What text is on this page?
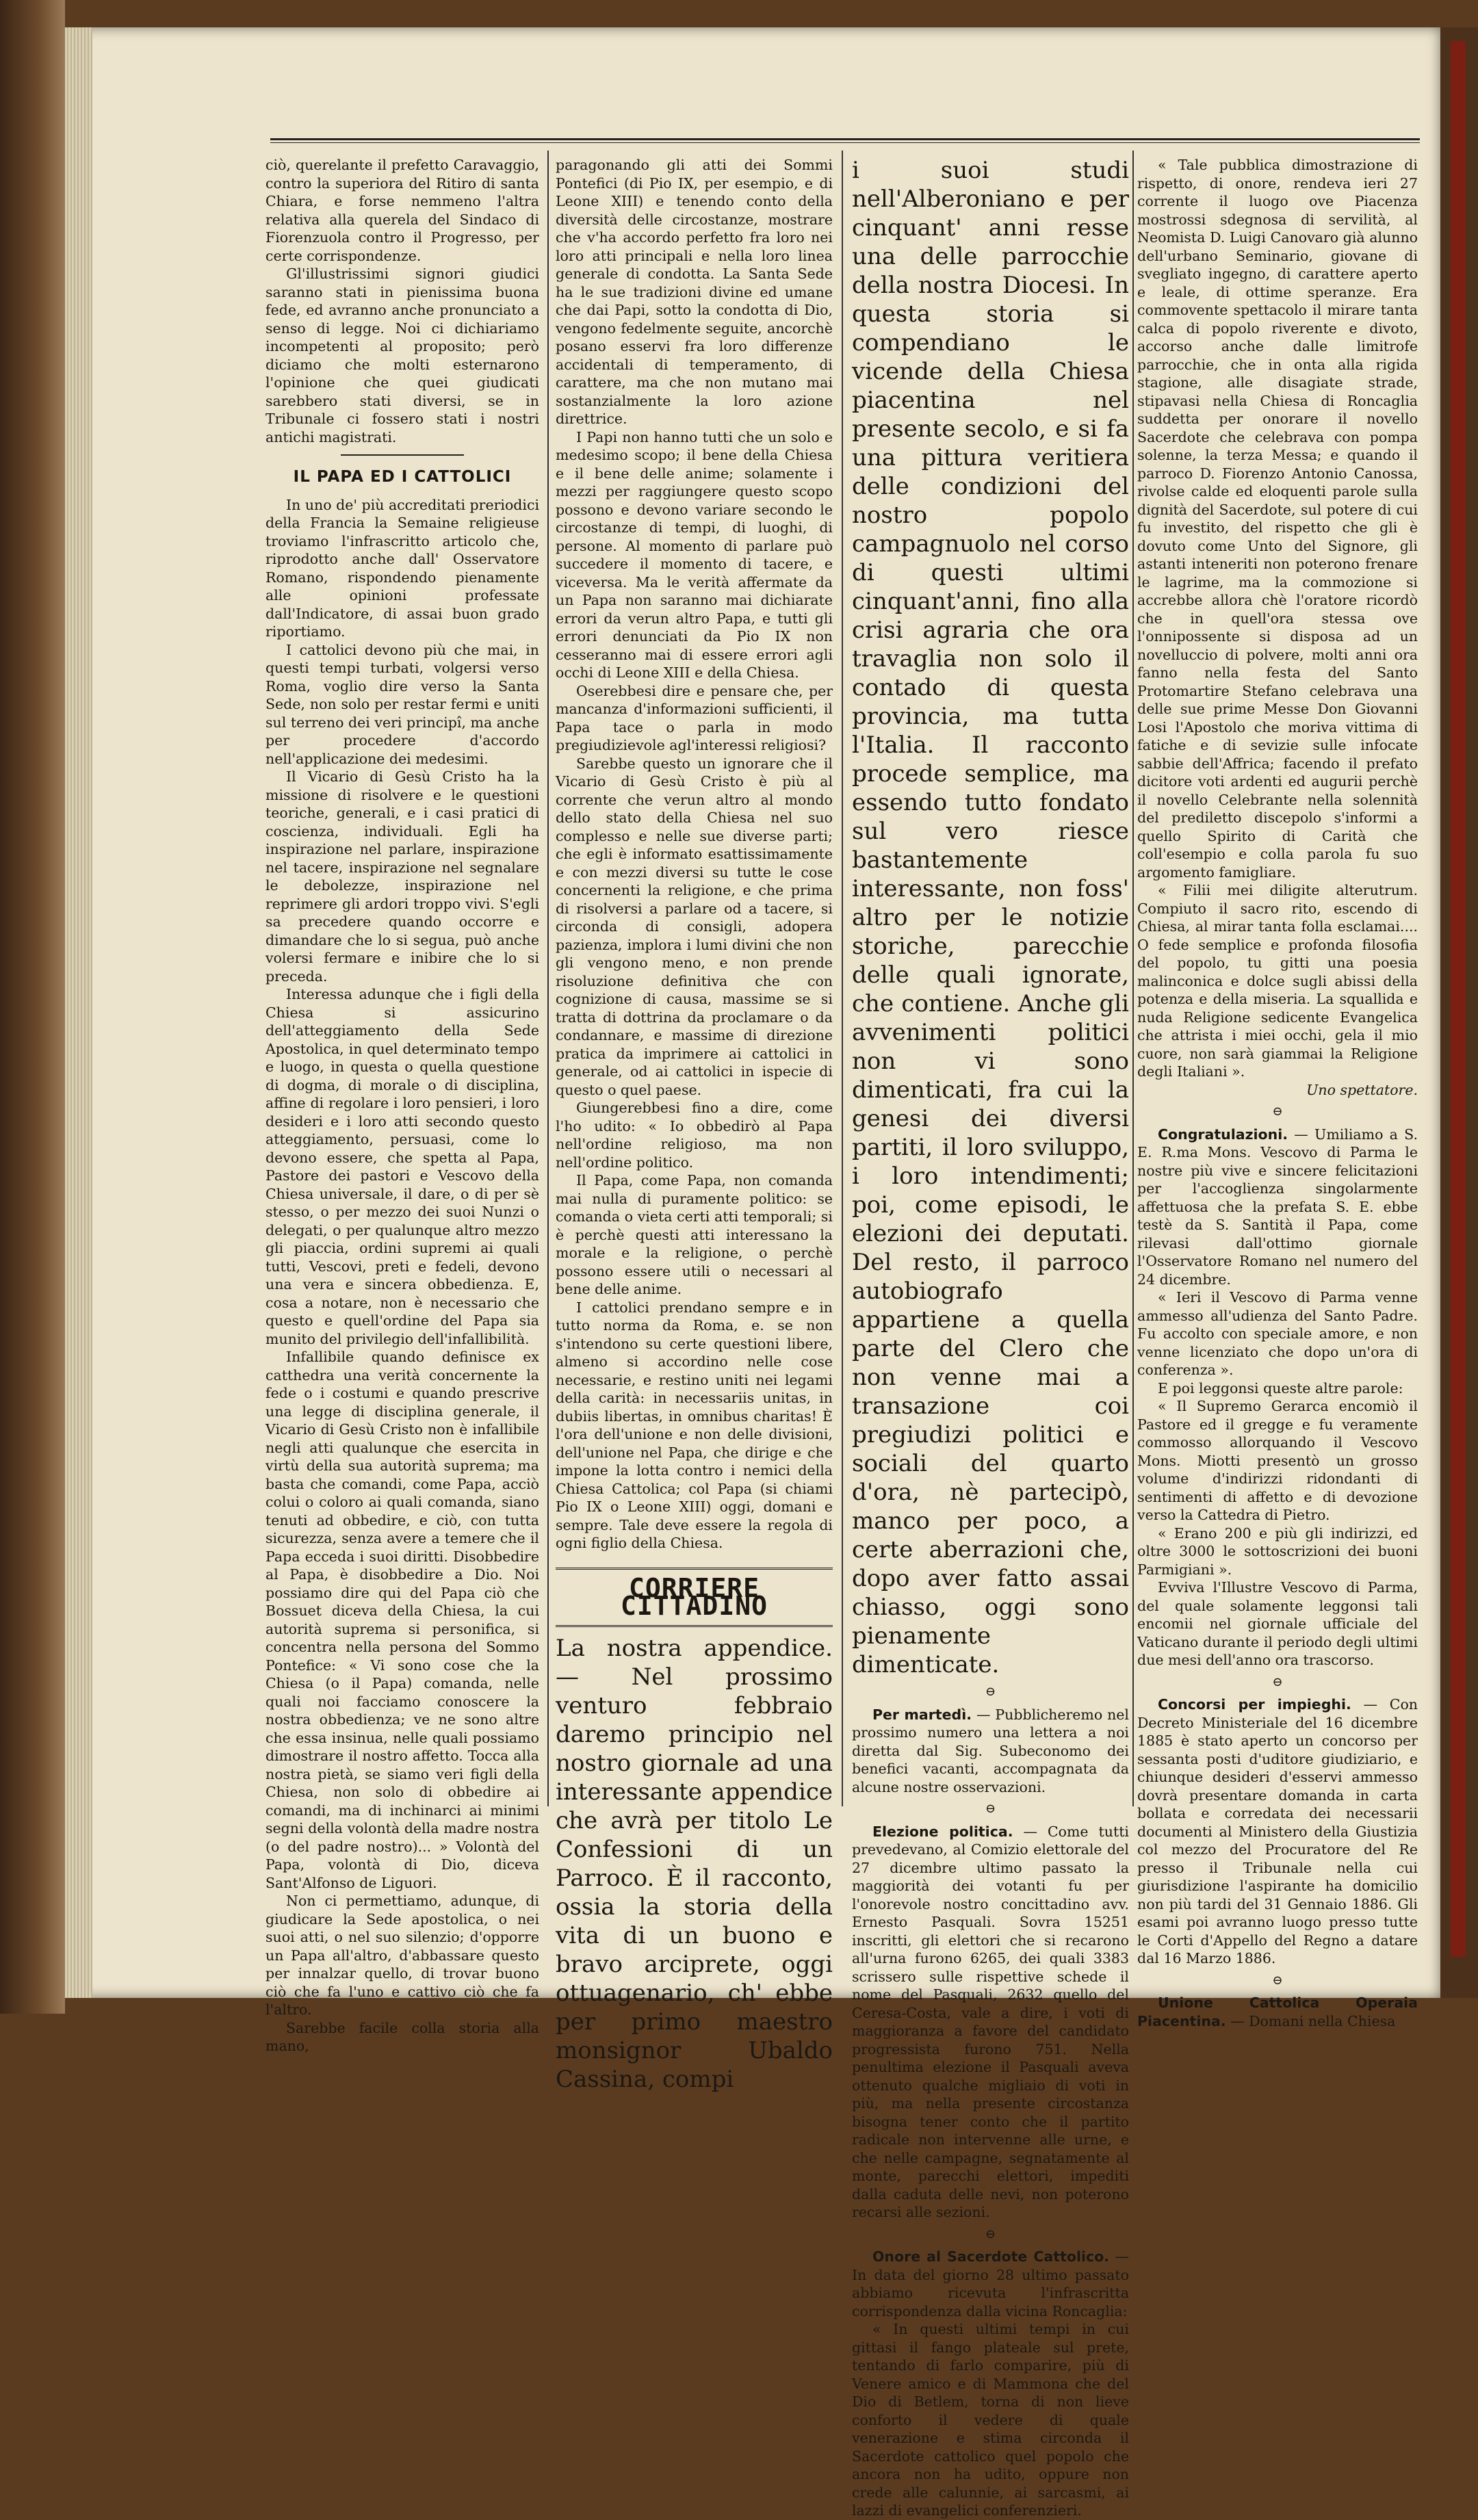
ciò, querelante il prefetto Caravaggio, contro la superiora del Ritiro di santa Chiara, e forse nemmeno l'altra relativa alla querela del Sindaco di Fiorenzuola contro il Progresso, per certe corrispondenze.

Gl'illustrissimi signori giudici saranno stati in pienissima buona fede, ed avranno anche pronunciato a senso di legge. Noi ci dichiariamo incompetenti al proposito; però diciamo che molti esternarono l'opinione che quei giudicati sarebbero stati diversi, se in Tribunale ci fossero stati i nostri antichi magistrati.

IL PAPA ED I CATTOLICI

In uno de' più accreditati preriodici della Francia la Semaine religieuse troviamo l'infrascritto articolo che, riprodotto anche dall' Osservatore Romano, rispondendo pienamente alle opinioni professate dall'Indicatore, di assai buon grado riportiamo.

I cattolici devono più che mai, in questi tempi turbati, volgersi verso Roma, voglio dire verso la Santa Sede, non solo per restar fermi e uniti sul terreno dei veri principî, ma anche per procedere d'accordo nell'applicazione dei medesimi.

Il Vicario di Gesù Cristo ha la missione di risolvere e le questioni teoriche, generali, e i casi pratici di coscienza, individuali. Egli ha inspirazione nel parlare, inspirazione nel tacere, inspirazione nel segnalare le debolezze, inspirazione nel reprimere gli ardori troppo vivi. S'egli sa precedere quando occorre e dimandare che lo si segua, può anche volersi fermare e inibire che lo si preceda.

Interessa adunque che i figli della Chiesa si assicurino dell'atteggiamento della Sede Apostolica, in quel determinato tempo e luogo, in questa o quella questione di dogma, di morale o di disciplina, affine di regolare i loro pensieri, i loro desideri e i loro atti secondo questo atteggiamento, persuasi, come lo devono essere, che spetta al Papa, Pastore dei pastori e Vescovo della Chiesa universale, il dare, o di per sè stesso, o per mezzo dei suoi Nunzi o delegati, o per qualunque altro mezzo gli piaccia, ordini supremi ai quali tutti, Vescovi, preti e fedeli, devono una vera e sincera obbedienza. E, cosa a notare, non è necessario che questo e quell'ordine del Papa sia munito del privilegio dell'infallibilità.

Infallibile quando definisce ex catthedra una verità concernente la fede o i costumi e quando prescrive una legge di disciplina generale, il Vicario di Gesù Cristo non è infallibile negli atti qualunque che esercita in virtù della sua autorità suprema; ma basta che comandi, come Papa, acciò colui o coloro ai quali comanda, siano tenuti ad obbedire, e ciò, con tutta sicurezza, senza avere a temere che il Papa ecceda i suoi diritti. Disobbedire al Papa, è disobbedire a Dio. Noi possiamo dire qui del Papa ciò che Bossuet diceva della Chiesa, la cui autorità suprema si personifica, si concentra nella persona del Sommo Pontefice: « Vi sono cose che la Chiesa (o il Papa) comanda, nelle quali noi facciamo conoscere la nostra obbedienza; ve ne sono altre che essa insinua, nelle quali possiamo dimostrare il nostro affetto. Tocca alla nostra pietà, se siamo veri figli della Chiesa, non solo di obbedire ai comandi, ma di inchinarci ai minimi segni della volontà della madre nostra (o del padre nostro)... » Volontà del Papa, volontà di Dio, diceva Sant'Alfonso de Liguori.

Non ci permettiamo, adunque, di giudicare la Sede apostolica, o nei suoi atti, o nel suo silenzio; d'opporre un Papa all'altro, d'abbassare questo per innalzar quello, di trovar buono ciò che fa l'uno e cattivo ciò che fa l'altro.

Sarebbe facile colla storia alla mano,

paragonando gli atti dei Sommi Pontefici (di Pio IX, per esempio, e di Leone XIII) e tenendo conto della diversità delle circostanze, mostrare che v'ha accordo perfetto fra loro nei loro atti principali e nella loro linea generale di condotta. La Santa Sede ha le sue tradizioni divine ed umane che dai Papi, sotto la condotta di Dio, vengono fedelmente seguite, ancorchè posano esservi fra loro differenze accidentali di temperamento, di carattere, ma che non mutano mai sostanzialmente la loro azione direttrice.

I Papi non hanno tutti che un solo e medesimo scopo; il bene della Chiesa e il bene delle anime; solamente i mezzi per raggiungere questo scopo possono e devono variare secondo le circostanze di tempi, di luoghi, di persone. Al momento di parlare può succedere il momento di tacere, e viceversa. Ma le verità affermate da un Papa non saranno mai dichiarate errori da verun altro Papa, e tutti gli errori denunciati da Pio IX non cesseranno mai di essere errori agli occhi di Leone XIII e della Chiesa.

Oserebbesi dire e pensare che, per mancanza d'informazioni sufficienti, il Papa tace o parla in modo pregiudizievole agl'interessi religiosi?

Sarebbe questo un ignorare che il Vicario di Gesù Cristo è più al corrente che verun altro al mondo dello stato della Chiesa nel suo complesso e nelle sue diverse parti; che egli è informato esattissimamente e con mezzi diversi su tutte le cose concernenti la religione, e che prima di risolversi a parlare od a tacere, si circonda di consigli, adopera pazienza, implora i lumi divini che non gli vengono meno, e non prende risoluzione definitiva che con cognizione di causa, massime se si tratta di dottrina da proclamare o da condannare, e massime di direzione pratica da imprimere ai cattolici in generale, od ai cattolici in ispecie di questo o quel paese.

Giungerebbesi fino a dire, come l'ho udito: « Io obbedirò al Papa nell'ordine religioso, ma non nell'ordine politico.

Il Papa, come Papa, non comanda mai nulla di puramente politico: se comanda o vieta certi atti temporali; si è perchè questi atti interessano la morale e la religione, o perchè possono essere utili o necessari al bene delle anime.

I cattolici prendano sempre e in tutto norma da Roma, e. se non s'intendono su certe questioni libere, almeno si accordino nelle cose necessarie, e restino uniti nei legami della carità: in necessariis unitas, in dubiis libertas, in omnibus charitas! È l'ora dell'unione e non delle divisioni, dell'unione nel Papa, che dirige e che impone la lotta contro i nemici della Chiesa Cattolica; col Papa (si chiami Pio IX o Leone XIII) oggi, domani e sempre. Tale deve essere la regola di ogni figlio della Chiesa.

CORRIERE CITTADINO

La nostra appendice. — Nel prossimo venturo febbraio daremo principio nel nostro giornale ad una interessante appendice che avrà per titolo Le Confessioni di un Parroco. È il racconto, ossia la storia della vita di un buono e bravo arciprete, oggi ottuagenario, ch' ebbe per primo maestro monsignor Ubaldo Cassina, compi

i suoi studi nell'Alberoniano e per cinquant' anni resse una delle parrocchie della nostra Diocesi. In questa storia si compendiano le vicende della Chiesa piacentina nel presente secolo, e si fa una pittura veritiera delle condizioni del nostro popolo campagnuolo nel corso di questi ultimi cinquant'anni, fino alla crisi agraria che ora travaglia non solo il contado di questa provincia, ma tutta l'Italia. Il racconto procede semplice, ma essendo tutto fondato sul vero riesce bastantemente interessante, non foss' altro per le notizie storiche, parecchie delle quali ignorate, che contiene. Anche gli avvenimenti politici non vi sono dimenticati, fra cui la genesi dei diversi partiti, il loro sviluppo, i loro intendimenti; poi, come episodi, le elezioni dei deputati. Del resto, il parroco autobiografo appartiene a quella parte del Clero che non venne mai a transazione coi pregiudizi politici e sociali del quarto d'ora, nè partecipò, manco per poco, a certe aberrazioni che, dopo aver fatto assai chiasso, oggi sono pienamente dimenticate.

⊖

Per martedì. — Pubblicheremo nel prossimo numero una lettera a noi diretta dal Sig. Subeconomo dei benefici vacanti, accompagnata da alcune nostre osservazioni.

⊖

Elezione politica. — Come tutti prevedevano, al Comizio elettorale del 27 dicembre ultimo passato la maggiorità dei votanti fu per l'onorevole nostro concittadino avv. Ernesto Pasquali. Sovra 15251 inscritti, gli elettori che si recarono all'urna furono 6265, dei quali 3383 scrissero sulle rispettive schede il nome del Pasquali, 2632 quello del Ceresa-Costa, vale a dire, i voti di maggioranza a favore del candidato progressista furono 751. Nella penultima elezione il Pasquali aveva ottenuto qualche migliaio di voti in più, ma nella presente circostanza bisogna tener conto che il partito radicale non intervenne alle urne, e che nelle campagne, segnatamente al monte, parecchi elettori, impediti dalla caduta delle nevi, non poterono recarsi alle sezioni.

⊖

Onore al Sacerdote Cattolico. — In data del giorno 28 ultimo passato abbiamo ricevuta l'infrascritta corrispondenza dalla vicina Roncaglia:

« In questi ultimi tempi in cui gittasi il fango plateale sul prete, tentando di farlo comparire, più di Venere amico e di Mammona che del Dio di Betlem, torna di non lieve conforto il vedere di quale venerazione e stima circonda il Sacerdote cattolico quel popolo che ancora non ha udito, oppure non crede alle calunnie, ai sarcasmi, ai lazzi di evangelici conferenzieri.

« Tale pubblica dimostrazione di rispetto, di onore, rendeva ieri 27 corrente il luogo ove Piacenza mostrossi sdegnosa di servilità, al Neomista D. Luigi Canovaro già alunno dell'urbano Seminario, giovane di svegliato ingegno, di carattere aperto e leale, di ottime speranze. Era commovente spettacolo il mirare tanta calca di popolo riverente e divoto, accorso anche dalle limitrofe parrocchie, che in onta alla rigida stagione, alle disagiate strade, stipavasi nella Chiesa di Roncaglia suddetta per onorare il novello Sacerdote che celebrava con pompa solenne, la terza Messa; e quando il parroco D. Fiorenzo Antonio Canossa, rivolse calde ed eloquenti parole sulla dignità del Sacerdote, sul potere di cui fu investito, del rispetto che gli è dovuto come Unto del Signore, gli astanti inteneriti non poterono frenare le lagrime, ma la commozione si accrebbe allora chè l'oratore ricordò che in quell'ora stessa ove l'onnipossente si disposa ad un novelluccio di polvere, molti anni ora fanno nella festa del Santo Protomartire Stefano celebrava una delle sue prime Messe Don Giovanni Losi l'Apostolo che moriva vittima di fatiche e di sevizie sulle infocate sabbie dell'Affrica; facendo il prefato dicitore voti ardenti ed augurii perchè il novello Celebrante nella solennità del prediletto discepolo s'informi a quello Spirito di Carità che coll'esempio e colla parola fu suo argomento famigliare.

« Filii mei diligite alterutrum. Compiuto il sacro rito, escendo di Chiesa, al mirar tanta folla esclamai.... O fede semplice e profonda filosofia del popolo, tu gitti una poesia malinconica e dolce sugli abissi della potenza e della miseria. La squallida e nuda Religione sedicente Evangelica che attrista i miei occhi, gela il mio cuore, non sarà giammai la Religione degli Italiani ».

Uno spettatore.
⊖

Congratulazioni. — Umiliamo a S. E. R.ma Mons. Vescovo di Parma le nostre più vive e sincere felicitazioni per l'accoglienza singolarmente affettuosa che la prefata S. E. ebbe testè da S. Santità il Papa, come rilevasi dall'ottimo giornale l'Osservatore Romano nel numero del 24 dicembre.

« Ieri il Vescovo di Parma venne ammesso all'udienza del Santo Padre. Fu accolto con speciale amore, e non venne licenziato che dopo un'ora di conferenza ».

E poi leggonsi queste altre parole:

« Il Supremo Gerarca encomiò il Pastore ed il gregge e fu veramente commosso allorquando il Vescovo Mons. Miotti presentò un grosso volume d'indirizzi ridondanti di sentimenti di affetto e di devozione verso la Cattedra di Pietro.

« Erano 200 e più gli indirizzi, ed oltre 3000 le sottoscrizioni dei buoni Parmigiani ».

Evviva l'Illustre Vescovo di Parma, del quale solamente leggonsi tali encomii nel giornale ufficiale del Vaticano durante il periodo degli ultimi due mesi dell'anno ora trascorso.

⊖

Concorsi per impieghi. — Con Decreto Ministeriale del 16 dicembre 1885 è stato aperto un concorso per sessanta posti d'uditore giudiziario, e chiunque desideri d'esservi ammesso dovrà presentare domanda in carta bollata e corredata dei necessarii documenti al Ministero della Giustizia col mezzo del Procuratore del Re presso il Tribunale nella cui giurisdizione l'aspirante ha domicilio non più tardi del 31 Gennaio 1886. Gli esami poi avranno luogo presso tutte le Corti d'Appello del Regno a datare dal 16 Marzo 1886.

⊖

Unione Cattolica Operaia Piacentina. — Domani nella Chiesa
